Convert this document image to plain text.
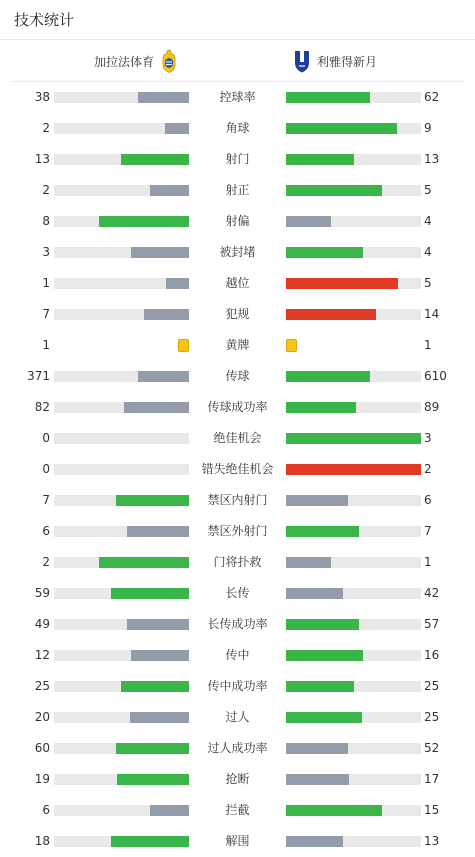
技术统计
加拉法体育	利雅得新月
38	控球率	62
2	角球	9
13	射门	13
2	射正	5
8	射偏	4
3	被封堵	4
1	越位	5
7	犯规	14
1	黄牌	1
371	传球	610
82	传球成功率	89
0	绝佳机会	3
0	错失绝佳机会	2
7	禁区内射门	6
6	禁区外射门	7
2	门将扑救	1
59	长传	42
49	长传成功率	57
12	传中	16
25	传中成功率	25
20	过人	25
60	过人成功率	52
19	抢断	17
6	拦截	15
18	解围	13
